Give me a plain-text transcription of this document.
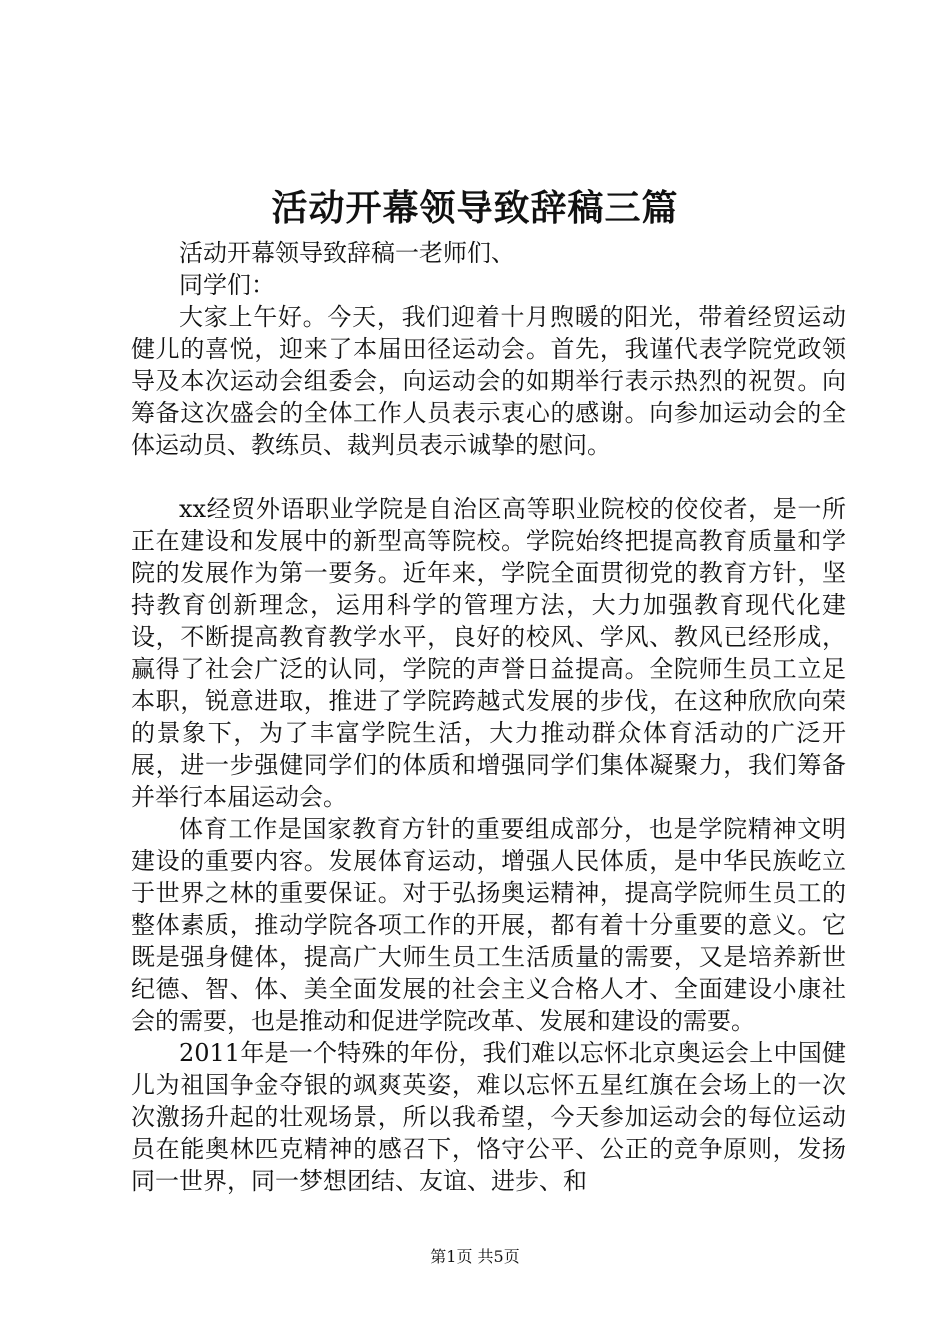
活动开幕领导致辞稿三篇

活动开幕领导致辞稿一老师们、

同学们：

大家上午好。今天，我们迎着十月煦暖的阳光，带着经贸运动健儿的喜悦，迎来了本届田径运动会。首先，我谨代表学院党政领导及本次运动会组委会，向运动会的如期举行表示热烈的祝贺。向筹备这次盛会的全体工作人员表示衷心的感谢。向参加运动会的全体运动员、教练员、裁判员表示诚挚的慰问。

xx经贸外语职业学院是自治区高等职业院校的佼佼者，是一所正在建设和发展中的新型高等院校。学院始终把提高教育质量和学院的发展作为第一要务。近年来，学院全面贯彻党的教育方针，坚持教育创新理念，运用科学的管理方法，大力加强教育现代化建设，不断提高教育教学水平，良好的校风、学风、教风已经形成，赢得了社会广泛的认同，学院的声誉日益提高。全院师生员工立足本职，锐意进取，推进了学院跨越式发展的步伐，在这种欣欣向荣的景象下，为了丰富学院生活，大力推动群众体育活动的广泛开展，进一步强健同学们的体质和增强同学们集体凝聚力，我们筹备并举行本届运动会。

体育工作是国家教育方针的重要组成部分，也是学院精神文明建设的重要内容。发展体育运动，增强人民体质，是中华民族屹立于世界之林的重要保证。对于弘扬奥运精神，提高学院师生员工的整体素质，推动学院各项工作的开展，都有着十分重要的意义。它既是强身健体，提高广大师生员工生活质量的需要，又是培养新世纪德、智、体、美全面发展的社会主义合格人才、全面建设小康社会的需要，也是推动和促进学院改革、发展和建设的需要。

2011年是一个特殊的年份，我们难以忘怀北京奥运会上中国健儿为祖国争金夺银的飒爽英姿，难以忘怀五星红旗在会场上的一次次激扬升起的壮观场景，所以我希望，今天参加运动会的每位运动员在能奥林匹克精神的感召下，恪守公平、公正的竞争原则，发扬同一世界，同一梦想团结、友谊、进步、和

第1页 共5页
